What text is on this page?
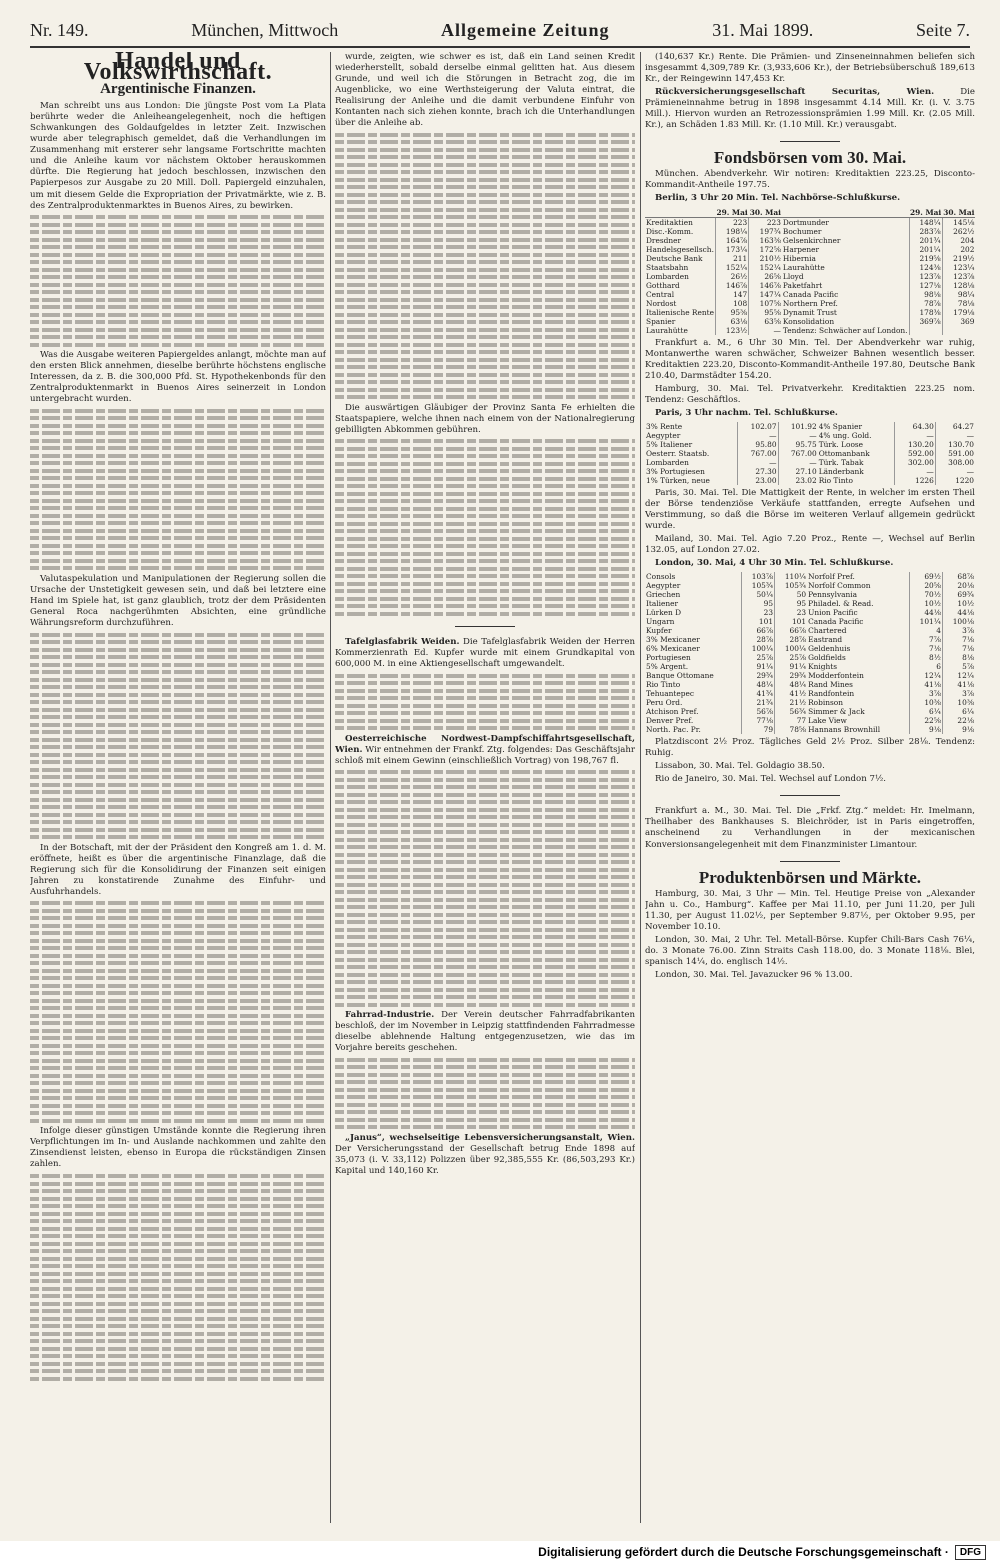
Nr. 149.	München, Mittwoch	Allgemeine Zeitung	31. Mai 1899.	Seite 7.
Handel und Volkswirthschaft.
Argentinische Finanzen.

Man schreibt uns aus London: Die jüngste Post vom La Plata berührte weder die Anleiheangelegenheit, noch die heftigen Schwankungen des Goldaufgeldes in letzter Zeit. Inzwischen wurde aber telegraphisch gemeldet, daß die Verhandlungen im Zusammenhang mit ersterer sehr langsame Fortschritte machten und die Anleihe kaum vor nächstem Oktober herauskommen dürfte. Die Regierung hat jedoch beschlossen, inzwischen den Papierpesos zur Ausgabe zu 20 Mill. Doll. Papiergeld einzuhalen, um mit diesem Gelde die Expropriation der Privatmärkte, wie z. B. des Zentralproduktenmarktes in Buenos Aires, zu bewirken.

Was die Ausgabe weiteren Papiergeldes anlangt, möchte man auf den ersten Blick annehmen, dieselbe berührte höchstens englische Interessen, da z. B. die 300,000 Pfd. St. Hypothekenbonds für den Zentralproduktenmarkt in Buenos Aires seinerzeit in London untergebracht wurden.

Valutaspekulation und Manipulationen der Regierung sollen die Ursache der Unstetigkeit gewesen sein, und daß bei letztere eine Hand im Spiele hat, ist ganz glaublich, trotz der dem Präsidenten General Roca nachgerühmten Absichten, eine gründliche Währungsreform durchzuführen.

In der Botschaft, mit der der Präsident den Kongreß am 1. d. M. eröffnete, heißt es über die argentinische Finanzlage, daß die Regierung sich für die Konsolidirung der Finanzen seit einigen Jahren zu konstatirende Zunahme des Einfuhr- und Ausfuhrhandels.

Infolge dieser günstigen Umstände konnte die Regierung ihren Verpflichtungen im In- und Auslande nachkommen und zahlte den Zinsendienst leisten, ebenso in Europa die rückständigen Zinsen zahlen.

wurde, zeigten, wie schwer es ist, daß ein Land seinen Kredit wiederherstellt, sobald derselbe einmal gelitten hat. Aus diesem Grunde, und weil ich die Störungen in Betracht zog, die im Augenblicke, wo eine Werthsteigerung der Valuta eintrat, die Realisirung der Anleihe und die damit verbundene Einfuhr von Kontanten nach sich ziehen konnte, brach ich die Unterhandlungen über die Anleihe ab.

Die auswärtigen Gläubiger der Provinz Santa Fe erhielten die Staatspapiere, welche ihnen nach einem von der Nationalregierung gebilligten Abkommen gebühren.

Tafelglasfabrik Weiden. Die Tafelglasfabrik Weiden der Herren Kommerzienrath Ed. Kupfer wurde mit einem Grundkapital von 600,000 M. in eine Aktiengesellschaft umgewandelt.

Oesterreichische Nordwest-Dampfschiffahrtsgesellschaft, Wien. Wir entnehmen der Frankf. Ztg. folgendes: Das Geschäftsjahr schloß mit einem Gewinn (einschließlich Vortrag) von 198,767 fl.

Fahrrad-Industrie. Der Verein deutscher Fahrradfabrikanten beschloß, der im November in Leipzig stattfindenden Fahrradmesse dieselbe ablehnende Haltung entgegenzusetzen, wie das im Vorjahre bereits geschehen.

„Janus“, wechselseitige Lebensversicherungsanstalt, Wien. Der Versicherungsstand der Gesellschaft betrug Ende 1898 auf 35,073 (i. V. 33,112) Polizzen über 92,385,555 Kr. (86,503,293 Kr.) Kapital und 140,160 Kr.

(140,637 Kr.) Rente. Die Prämien- und Zinseneinnahmen beliefen sich insgesammt 4,309,789 Kr. (3,933,606 Kr.), der Betriebsüberschuß 189,613 Kr., der Reingewinn 147,453 Kr.

Rückversicherungsgesellschaft Securitas, Wien.	Die Prämieneinnahme betrug in 1898 insgesammt 4.14 Mill. Kr. (i. V. 3.75 Mill.). Hiervon wurden an Retrozessionsprämien 1.99 Mill. Kr. (2.05 Mill. Kr.), an Schäden 1.83 Mill. Kr. (1.10 Mill. Kr.) verausgabt.

Fondsbörsen vom 30. Mai.

München. Abendverkehr. Wir notiren: Kreditaktien 223.25, Disconto-Kommandit-Antheile 197.75.

Berlin, 3 Uhr 20 Min. Tel. Nachbörse-Schlußkurse.

	29. Mai	30. Mai		29. Mai	30. Mai
Kreditaktien	223	223	Dortmunder	148¼	145⅛
Disc.-Komm.	198¼	197¾	Bochumer	283⅞	262½
Dresdner	164⅞	163⅜	Gelsenkirchner	201¾	204
Handelsgesellsch.	173¼	172⅝	Harpener	201¼	202
Deutsche Bank	211	210½	Hibernia	219⅝	219½
Staatsbahn	152¼	152¼	Laurahütte	124⅜	123¼
Lombarden	26½	26⅝	Lloyd	123⅞	123⅞
Gotthard	146⅞	146⅞	Paketfahrt	127⅛	128⅛
Central	147	147¼	Canada Pacific	98⅛	98¼
Nordost	108	107⅝	Northern Pref.	78⅞	78⅛
Italienische Rente	95⅜	95⅝	Dynamit Trust	178⅜	179⅛
Spanier	63⅛	63⅝	Konsolidation	369⅞	369
Laurahütte	123½	—	Tendenz: Schwächer auf London.		

Frankfurt a. M., 6 Uhr 30 Min. Tel. Der Abendverkehr war ruhig, Montanwerthe waren schwächer, Schweizer Bahnen wesentlich besser. Kreditaktien 223.20, Disconto-Kommandit-Antheile 197.80, Deutsche Bank 210.40, Darmstädter 154.20.

Hamburg, 30. Mai. Tel. Privatverkehr. Kreditaktien 223.25 nom. Tendenz: Geschäftlos.

Paris, 3 Uhr nachm. Tel. Schlußkurse.

3% Rente	102.07	101.92	4% Spanier	64.30	64.27
Aegypter	—	—	4% ung. Gold.	—	—
5% Italiener	95.80	95.75	Türk. Loose	130.20	130.70
Oesterr. Staatsb.	767.00	767.00	Ottomanbank	592.00	591.00
Lombarden	—	—	Türk. Tabak	302.00	308.00
3% Portugiesen	27.30	27.10	Länderbank	—	—
1% Türken, neue	23.00	23.02	Rio Tinto	1226	1220

Paris, 30. Mai. Tel. Die Mattigkeit der Rente, in welcher im ersten Theil der Börse tendenziöse Verkäufe stattfanden, erregte Aufsehen und Verstimmung, so daß die Börse im weiteren Verlauf allgemein gedrückt wurde.

Mailand, 30. Mai. Tel. Agio 7.20 Proz., Rente —, Wechsel auf Berlin 132.05, auf London 27.02.

London, 30. Mai, 4 Uhr 30 Min. Tel. Schlußkurse.

Consols	103⅞	110¼	Norfolf Pref.	69½	68⅞
Aegypter	105¾	105¾	Norfolf Common	20⅝	20⅛
Griechen	50¼	50	Pennsylvania	70½	69¾
Italiener	95	95	Philadel. & Read.	10½	10½
Lürken D	23	23	Union Pacific	44⅛	44⅛
Ungarn	101	101	Canada Pacific	101¼	100⅛
Kupfer	66⅞	66⅞	Chartered	4	3⅞
3% Mexicaner	28⅞	28⅞	Eastrand	7⅞	7⅛
6% Mexicaner	100¼	100¼	Geldenhuis	7⅛	7⅛
Portugiesen	25⅞	25⅞	Goldfields	8½	8⅛
5% Argent.	91¼	91¼	Knights	6	5⅞
Banque Ottomane	29¾	29¾	Modderfontein	12¼	12¼
Rio Tinto	48¼	48¼	Rand Mines	41⅛	41⅛
Tehuantepec	41¾	41½	Randfontein	3⅞	3⅞
Peru Ord.	21¾	21½	Robinson	10⅜	10⅜
Atchison Pref.	56⅞	56¾	Simmer & Jack	6¼	6¼
Denver Pref.	77⅛	77	Lake View	22⅝	22⅛
North. Pac. Pr.	79	78⅝	Hannans Brownhill	9⅛	9⅛

Platzdiscont 2½ Proz. Tägliches Geld 2½ Proz. Silber 28⅛. Tendenz: Ruhig.

Lissabon, 30. Mai. Tel. Goldagio 38.50.

Rio de Janeiro, 30. Mai. Tel. Wechsel auf London 7½.

Frankfurt a. M., 30. Mai. Tel. Die „Frkf. Ztg.“ meldet: Hr. Imelmann, Theilhaber des Bankhauses S. Bleichröder, ist in Paris eingetroffen, anscheinend zu Verhandlungen in der mexicanischen Konversionsangelegenheit mit dem Finanzminister Limantour.

Produktenbörsen und Märkte.

Hamburg, 30. Mai, 3 Uhr — Min. Tel. Heutige Preise von „Alexander Jahn u. Co., Hamburg“. Kaffee per Mai 11.10, per Juni 11.20, per Juli 11.30, per August 11.02½, per September 9.87½, per Oktober 9.95, per November 10.10.

London, 30. Mai, 2 Uhr. Tel. Metall-Börse. Kupfer Chili-Bars Cash 76¼, do. 3 Monate 76.00. Zinn Straits Cash 118.00, do. 3 Monate 118⅛. Blei, spanisch 14¼, do. englisch 14½.

London, 30. Mai. Tel. Javazucker 96 % 13.00.

Digitalisierung gefördert durch die Deutsche Forschungsgemeinschaft ·	DFG
